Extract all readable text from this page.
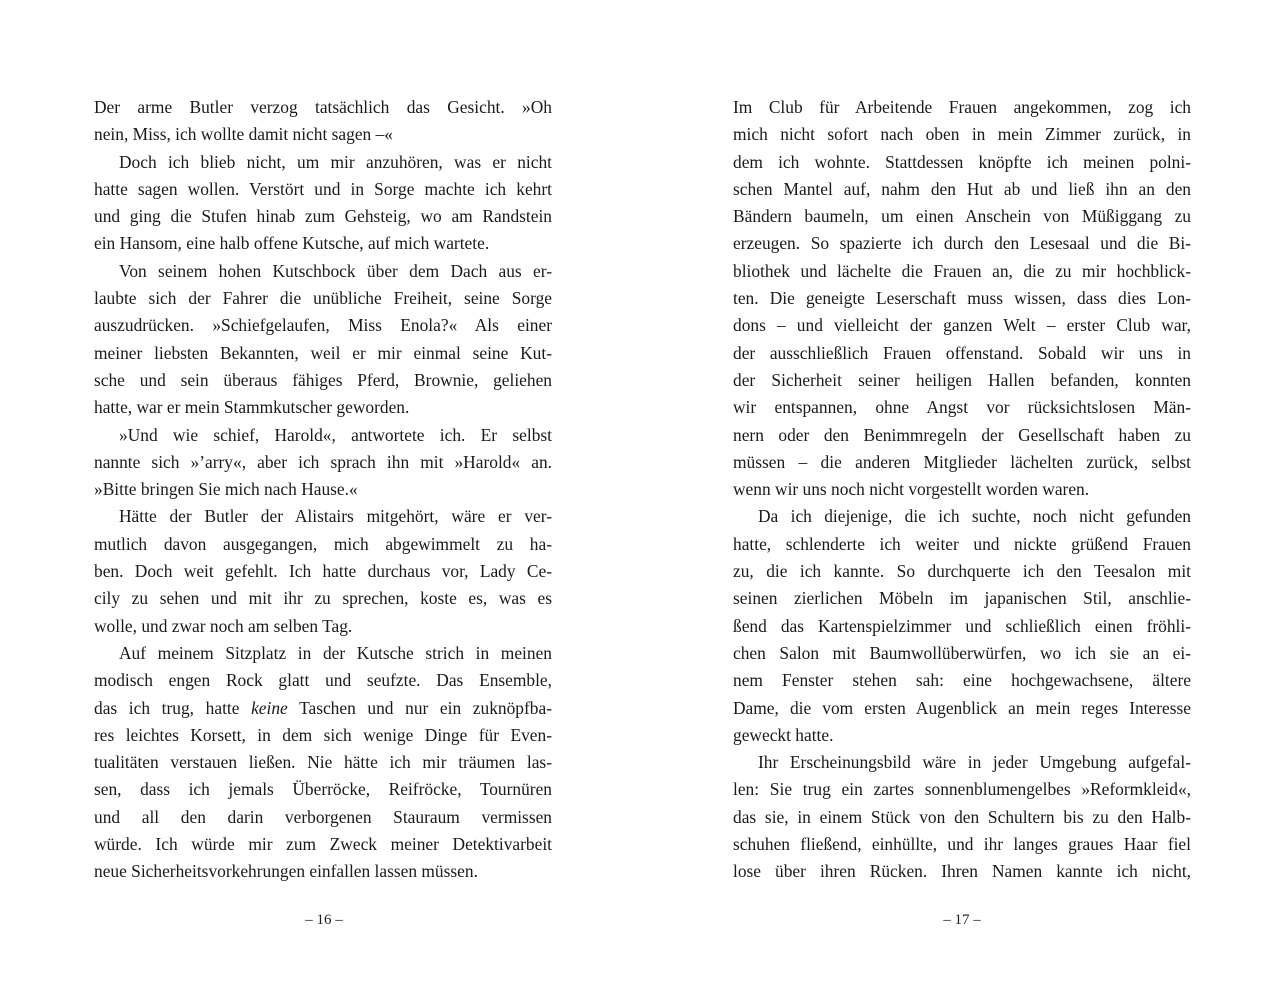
Der arme Butler verzog tatsächlich das Gesicht. »Oh
nein, Miss, ich wollte damit nicht sagen –«
Doch ich blieb nicht, um mir anzuhören, was er nicht
hatte sagen wollen. Verstört und in Sorge machte ich kehrt
und ging die Stufen hinab zum Gehsteig, wo am Randstein
ein Hansom, eine halb offene Kutsche, auf mich wartete.
Von seinem hohen Kutschbock über dem Dach aus er-
laubte sich der Fahrer die unübliche Freiheit, seine Sorge
auszudrücken. »Schiefgelaufen, Miss Enola?« Als einer
meiner liebsten Bekannten, weil er mir einmal seine Kut-
sche und sein überaus fähiges Pferd, Brownie, geliehen
hatte, war er mein Stammkutscher geworden.
»Und wie schief, Harold«, antwortete ich. Er selbst
nannte sich »’arry«, aber ich sprach ihn mit »Harold« an.
»Bitte bringen Sie mich nach Hause.«
Hätte der Butler der Alistairs mitgehört, wäre er ver-
mutlich davon ausgegangen, mich abgewimmelt zu ha-
ben. Doch weit gefehlt. Ich hatte durchaus vor, Lady Ce-
cily zu sehen und mit ihr zu sprechen, koste es, was es
wolle, und zwar noch am selben Tag.
Auf meinem Sitzplatz in der Kutsche strich in meinen
modisch engen Rock glatt und seufzte. Das Ensemble,
das ich trug, hatte keine Taschen und nur ein zuknöpfba-
res leichtes Korsett, in dem sich wenige Dinge für Even-
tualitäten verstauen ließen. Nie hätte ich mir träumen las-
sen, dass ich jemals Überröcke, Reifröcke, Tournüren
und all den darin verborgenen Stauraum vermissen
würde. Ich würde mir zum Zweck meiner Detektivarbeit
neue Sicherheitsvorkehrungen einfallen lassen müssen.
– 16 –
Im Club für Arbeitende Frauen angekommen, zog ich
mich nicht sofort nach oben in mein Zimmer zurück, in
dem ich wohnte. Stattdessen knöpfte ich meinen polni-
schen Mantel auf, nahm den Hut ab und ließ ihn an den
Bändern baumeln, um einen Anschein von Müßiggang zu
erzeugen. So spazierte ich durch den Lesesaal und die Bi-
bliothek und lächelte die Frauen an, die zu mir hochblick-
ten. Die geneigte Leserschaft muss wissen, dass dies Lon-
dons – und vielleicht der ganzen Welt – erster Club war,
der ausschließlich Frauen offenstand. Sobald wir uns in
der Sicherheit seiner heiligen Hallen befanden, konnten
wir entspannen, ohne Angst vor rücksichtslosen Män-
nern oder den Benimmregeln der Gesellschaft haben zu
müssen – die anderen Mitglieder lächelten zurück, selbst
wenn wir uns noch nicht vorgestellt worden waren.
Da ich diejenige, die ich suchte, noch nicht gefunden
hatte, schlenderte ich weiter und nickte grüßend Frauen
zu, die ich kannte. So durchquerte ich den Teesalon mit
seinen zierlichen Möbeln im japanischen Stil, anschlie-
ßend das Kartenspielzimmer und schließlich einen fröhli-
chen Salon mit Baumwollüberwürfen, wo ich sie an ei-
nem Fenster stehen sah: eine hochgewachsene, ältere
Dame, die vom ersten Augenblick an mein reges Interesse
geweckt hatte.
Ihr Erscheinungsbild wäre in jeder Umgebung aufgefal-
len: Sie trug ein zartes sonnenblumengelbes »Reformkleid«,
das sie, in einem Stück von den Schultern bis zu den Halb-
schuhen fließend, einhüllte, und ihr langes graues Haar fiel
lose über ihren Rücken. Ihren Namen kannte ich nicht,
– 17 –
